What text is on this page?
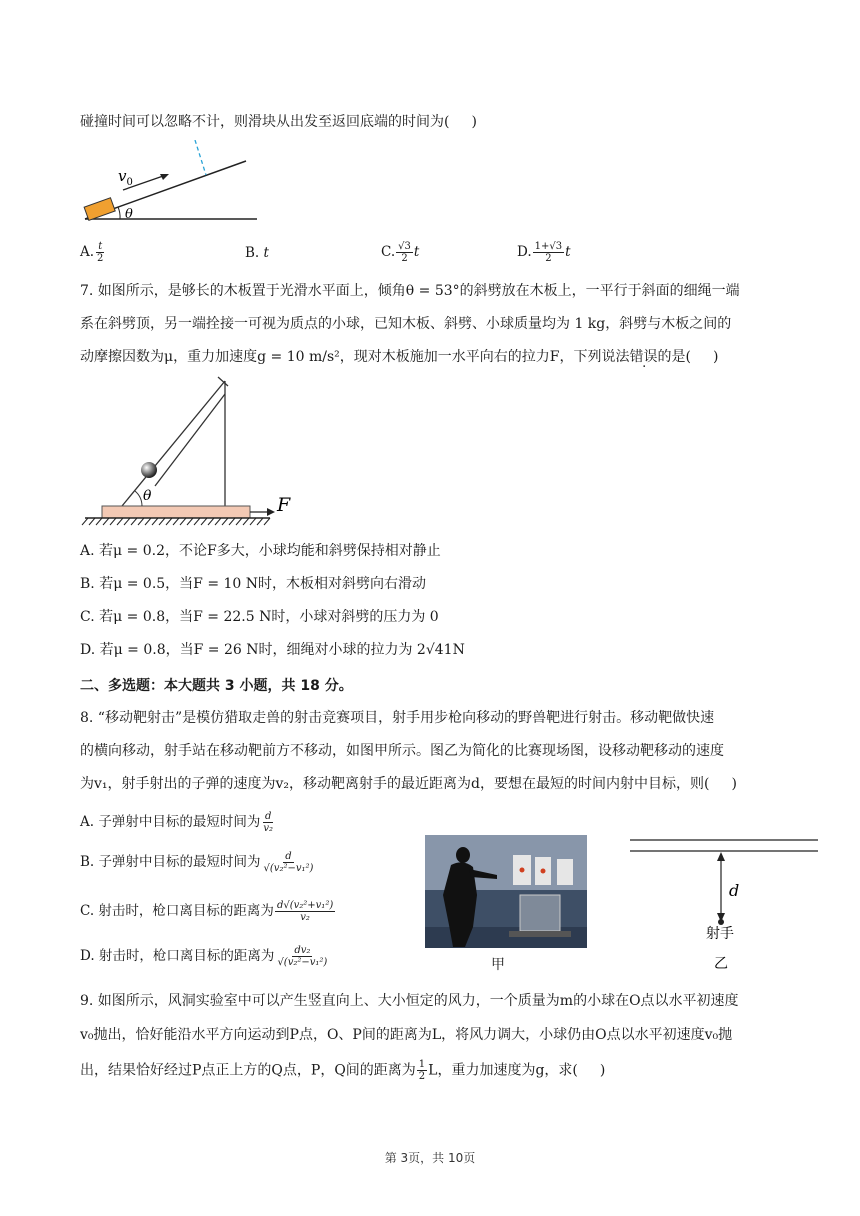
碰撞时间可以忽略不计，则滑块从出发至返回底端的时间为( )
$v_0$
θ
A. $\frac{t}{2}$	B. t	C. $\frac{√3}{2}$ t	D. $\frac{1+√3}{2}$ t
7. 如图所示，是够长的木板置于光滑水平面上，倾角θ = 53°的斜劈放在木板上，一平行于斜面的细绳一端
系在斜劈顶，另一端拴接一可视为质点的小球，已知木板、斜劈、小球质量均为 1 kg，斜劈与木板之间的
动摩擦因数为μ，重力加速度g = 10 m/s²，现对木板施加一水平向右的拉力F，下列说法错误的是( )
θ	F
A. 若μ = 0.2，不论F多大，小球均能和斜劈保持相对静止
B. 若μ = 0.5，当F = 10 N时，木板相对斜劈向右滑动
C. 若μ = 0.8，当F = 22.5 N时，小球对斜劈的压力为 0
D. 若μ = 0.8，当F = 26 N时，细绳对小球的拉力为 2√41N
二、多选题：本大题共 3 小题，共 18 分。
8. “移动靶射击”是模仿猎取走兽的射击竞赛项目，射手用步枪向移动的野兽靶进行射击。移动靶做快速
的横向移动，射手站在移动靶前方不移动，如图甲所示。图乙为简化的比赛现场图，设移动靶移动的速度
为v₁，射手射出的子弹的速度为v₂，移动靶离射手的最近距离为d，要想在最短的时间内射中目标，则( )
A. 子弹射中目标的最短时间为 $\frac{d}{\text{v₂}}$
B. 子弹射中目标的最短时间为 $\frac{d}{\text{√(v₂²−v₁²)}}$
C. 射击时，枪口离目标的距离为 $\frac{\text{d√(v₂²+v₁²)}}{\text{v₂}}$
D. 射击时，枪口离目标的距离为 $\frac{\text{dv₂}}{\text{√(v₂²−v₁²)}}$	甲
d
射手
乙
9. 如图所示，风洞实验室中可以产生竖直向上、大小恒定的风力，一个质量为m的小球在O点以水平初速度
v₀抛出，恰好能沿水平方向运动到P点，O、P间的距离为L，将风力调大，小球仍由O点以水平初速度v₀抛
出，结果恰好经过P点正上方的Q点，P，Q间的距离为 $\frac{1}{2}$ L，重力加速度为g，求( )
第 3页，共 10页
